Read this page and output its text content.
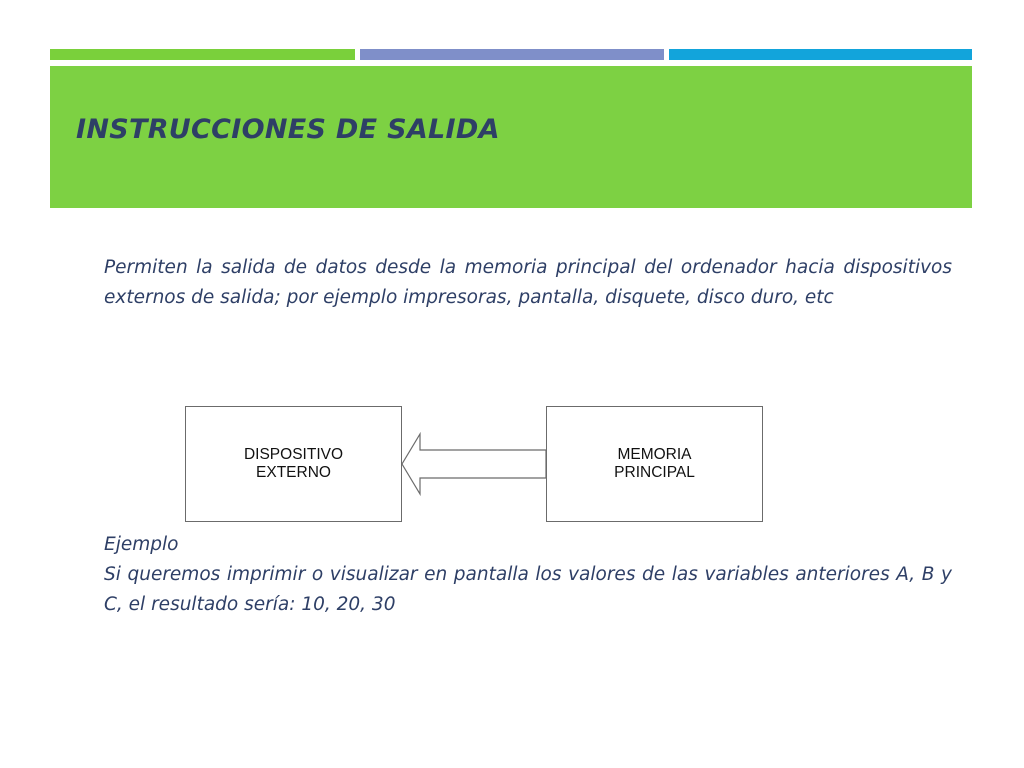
INSTRUCCIONES DE SALIDA

Permiten la salida de datos desde la memoria principal del ordenador hacia dispositivos externos de salida; por ejemplo impresoras, pantalla, disquete, disco duro, etc

DISPOSITIVO
EXTERNO
MEMORIA
PRINCIPAL
Ejemplo
Si queremos imprimir o visualizar en pantalla los valores de las variables anteriores A, B y C, el resultado sería: 10, 20, 30
